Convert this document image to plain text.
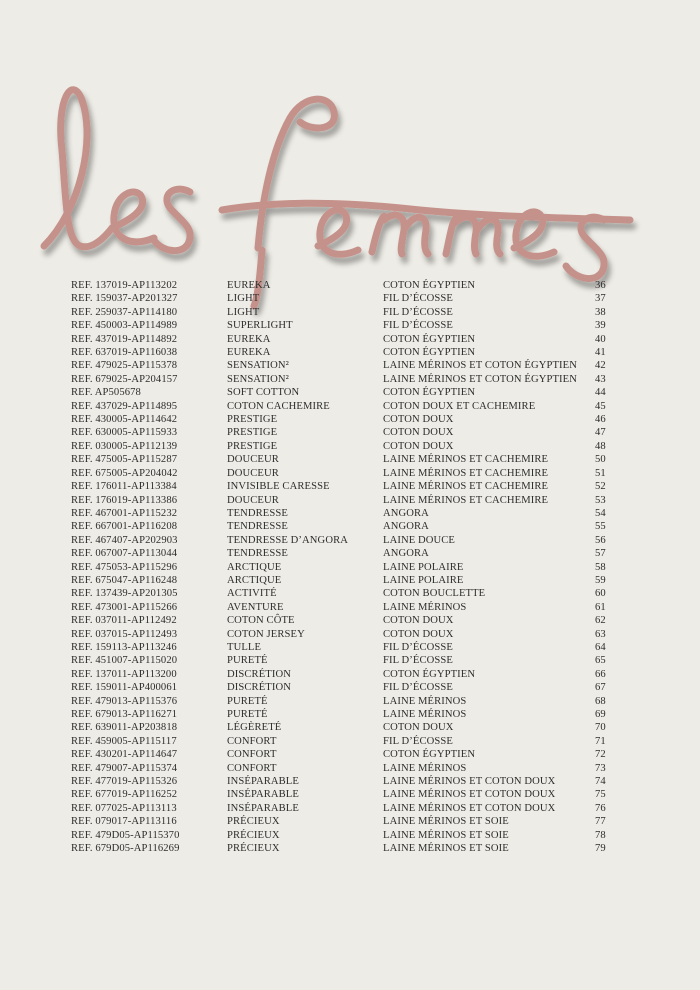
REF. 137019-AP113202	EUREKA	COTON ÉGYPTIEN	36
REF. 159037-AP201327	LIGHT	FIL D’ÉCOSSE	37
REF. 259037-AP114180	LIGHT	FIL D’ÉCOSSE	38
REF. 450003-AP114989	SUPERLIGHT	FIL D’ÉCOSSE	39
REF. 437019-AP114892	EUREKA	COTON ÉGYPTIEN	40
REF. 637019-AP116038	EUREKA	COTON ÉGYPTIEN	41
REF. 479025-AP115378	SENSATION²	LAINE MÉRINOS ET COTON ÉGYPTIEN	42
REF. 679025-AP204157	SENSATION²	LAINE MÉRINOS ET COTON ÉGYPTIEN	43
REF. AP505678	SOFT COTTON	COTON ÉGYPTIEN	44
REF. 437029-AP114895	COTON CACHEMIRE	COTON DOUX ET CACHEMIRE	45
REF. 430005-AP114642	PRESTIGE	COTON DOUX	46
REF. 630005-AP115933	PRESTIGE	COTON DOUX	47
REF. 030005-AP112139	PRESTIGE	COTON DOUX	48
REF. 475005-AP115287	DOUCEUR	LAINE MÉRINOS ET CACHEMIRE	50
REF. 675005-AP204042	DOUCEUR	LAINE MÉRINOS ET CACHEMIRE	51
REF. 176011-AP113384	INVISIBLE CARESSE	LAINE MÉRINOS ET CACHEMIRE	52
REF. 176019-AP113386	DOUCEUR	LAINE MÉRINOS ET CACHEMIRE	53
REF. 467001-AP115232	TENDRESSE	ANGORA	54
REF. 667001-AP116208	TENDRESSE	ANGORA	55
REF. 467407-AP202903	TENDRESSE D’ANGORA	LAINE DOUCE	56
REF. 067007-AP113044	TENDRESSE	ANGORA	57
REF. 475053-AP115296	ARCTIQUE	LAINE POLAIRE	58
REF. 675047-AP116248	ARCTIQUE	LAINE POLAIRE	59
REF. 137439-AP201305	ACTIVITÉ	COTON BOUCLETTE	60
REF. 473001-AP115266	AVENTURE	LAINE MÉRINOS	61
REF. 037011-AP112492	COTON CÔTE	COTON DOUX	62
REF. 037015-AP112493	COTON JERSEY	COTON DOUX	63
REF. 159113-AP113246	TULLE	FIL D’ÉCOSSE	64
REF. 451007-AP115020	PURETÉ	FIL D’ÉCOSSE	65
REF. 137011-AP113200	DISCRÉTION	COTON ÉGYPTIEN	66
REF. 159011-AP400061	DISCRÉTION	FIL D’ÉCOSSE	67
REF. 479013-AP115376	PURETÉ	LAINE MÉRINOS	68
REF. 679013-AP116271	PURETÉ	LAINE MÉRINOS	69
REF. 639011-AP203818	LÉGÈRETÉ	COTON DOUX	70
REF. 459005-AP115117	CONFORT	FIL D’ÉCOSSE	71
REF. 430201-AP114647	CONFORT	COTON ÉGYPTIEN	72
REF. 479007-AP115374	CONFORT	LAINE MÉRINOS	73
REF. 477019-AP115326	INSÉPARABLE	LAINE MÉRINOS ET COTON DOUX	74
REF. 677019-AP116252	INSÉPARABLE	LAINE MÉRINOS ET COTON DOUX	75
REF. 077025-AP113113	INSÉPARABLE	LAINE MÉRINOS ET COTON DOUX	76
REF. 079017-AP113116	PRÉCIEUX	LAINE MÉRINOS ET SOIE	77
REF. 479D05-AP115370	PRÉCIEUX	LAINE MÉRINOS ET SOIE	78
REF. 679D05-AP116269	PRÉCIEUX	LAINE MÉRINOS ET SOIE	79
